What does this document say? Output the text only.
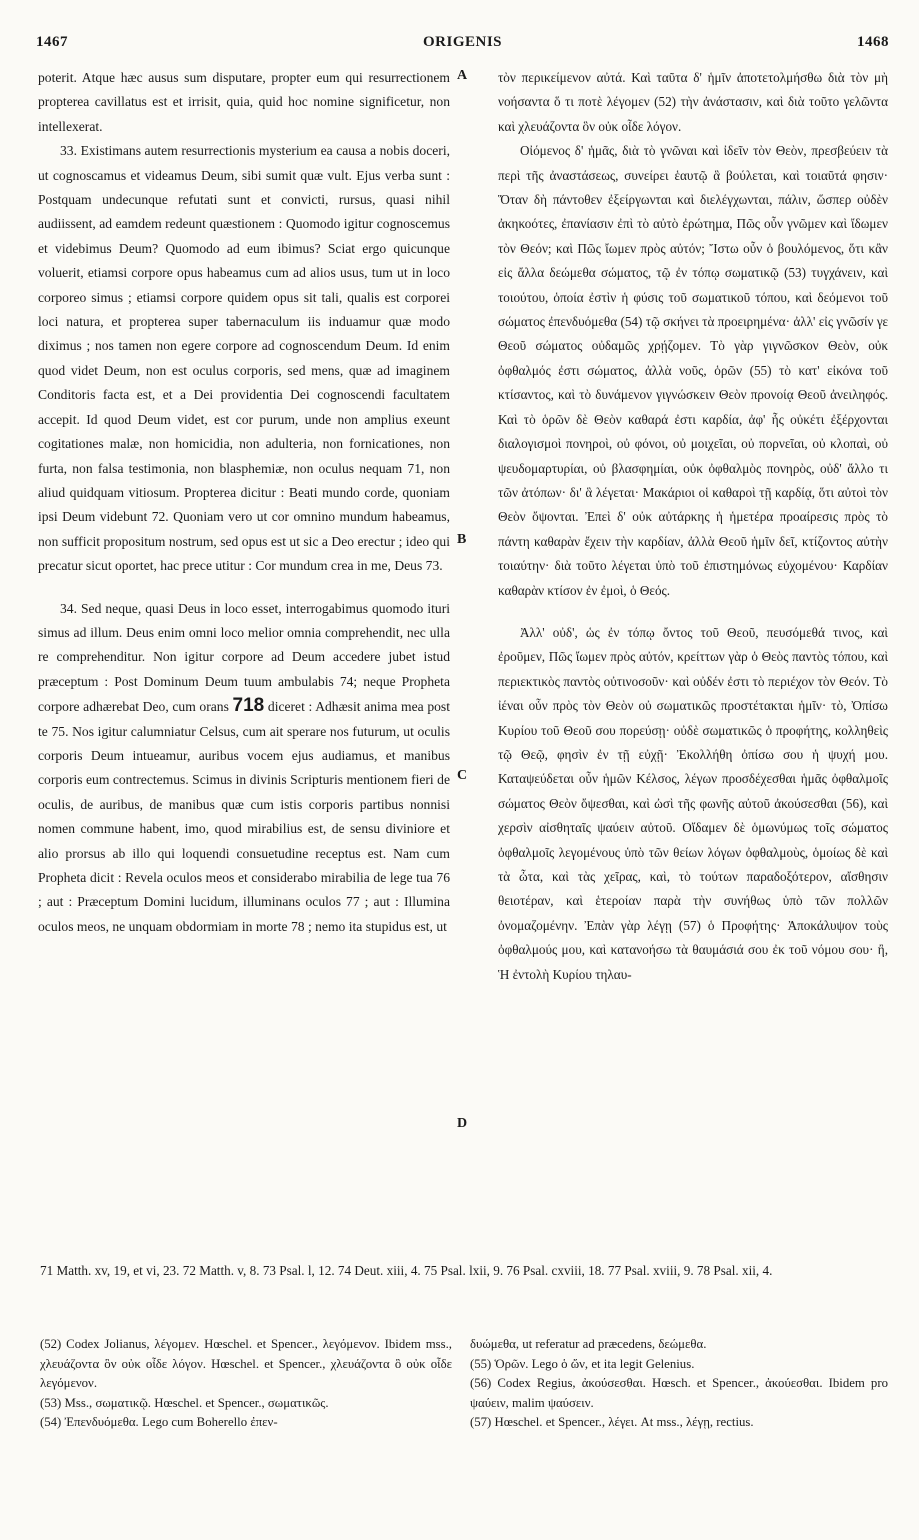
1467	ORIGENIS	1468

poterit. Atque hæc ausus sum disputare, propter eum qui resurrectionem propterea cavillatus est et irrisit, quia, quid hoc nomine significetur, non intellexerat.

33. Existimans autem resurrectionis mysterium ea causa a nobis doceri, ut cognoscamus et videamus Deum, sibi sumit quæ vult. Ejus verba sunt : Postquam undecunque refutati sunt et convicti, rursus, quasi nihil audiissent, ad eamdem redeunt quæstionem : Quomodo igitur cognoscemus et videbimus Deum? Quomodo ad eum ibimus? Sciat ergo quicunque voluerit, etiamsi corpore opus habeamus cum ad alios usus, tum ut in loco corporeo simus ; etiamsi corpore quidem opus sit tali, qualis est corporei loci natura, et propterea super tabernaculum iis induamur quæ modo diximus ; nos tamen non egere corpore ad cognoscendum Deum. Id enim quod videt Deum, non est oculus corporis, sed mens, quæ ad imaginem Conditoris facta est, et a Dei providentia Dei cognoscendi facultatem accepit. Id quod Deum videt, est cor purum, unde non amplius exeunt cogitationes malæ, non homicidia, non adulteria, non fornicationes, non furta, non falsa testimonia, non blasphemiæ, non oculus nequam 71, non aliud quidquam vitiosum. Propterea dicitur : Beati mundo corde, quoniam ipsi Deum videbunt 72. Quoniam vero ut cor omnino mundum habeamus, non sufficit propositum nostrum, sed opus est ut sic a Deo erectur ; ideo qui precatur sicut oportet, hac prece utitur : Cor mundum crea in me, Deus 73.

34. Sed neque, quasi Deus in loco esset, interrogabimus quomodo ituri simus ad illum. Deus enim omni loco melior omnia comprehendit, nec ulla re comprehenditur. Non igitur corpore ad Deum accedere jubet istud præceptum : Post Dominum Deum tuum ambulabis 74; neque Propheta corpore adhærebat Deo, cum orans 718 diceret : Adhæsit anima mea post te 75. Nos igitur calumniatur Celsus, cum ait sperare nos futurum, ut oculis corporis Deum intueamur, auribus vocem ejus audiamus, et manibus corporis eum contrectemus. Scimus in divinis Scripturis mentionem fieri de oculis, de auribus, de manibus quæ cum istis corporis partibus nonnisi nomen commune habent, imo, quod mirabilius est, de sensu diviniore et alio prorsus ab illo qui loquendi consuetudine receptus est. Nam cum Propheta dicit : Revela oculos meos et considerabo mirabilia de lege tua 76 ; aut : Præceptum Domini lucidum, illuminans oculos 77 ; aut : Illumina oculos meos, ne unquam obdormiam in morte 78 ; nemo ita stupidus est, ut

A
B
C
D

τὸν περικείμενον αὐτά. Καὶ ταῦτα δ' ἡμῖν ἀποτετολμήσθω διὰ τὸν μὴ νοήσαντα ὅ τι ποτὲ λέγομεν (52) τὴν ἀνάστασιν, καὶ διὰ τοῦτο γελῶντα καὶ χλευάζοντα ὃν οὐκ οἶδε λόγον.

Οἰόμενος δ' ἡμᾶς, διὰ τὸ γνῶναι καὶ ἰδεῖν τὸν Θεὸν, πρεσβεύειν τὰ περὶ τῆς ἀναστάσεως, συνείρει ἑαυτῷ ἃ βούλεται, καὶ τοιαῦτά φησιν· Ὅταν δὴ πάντοθεν ἐξείργωνται καὶ διελέγχωνται, πάλιν, ὥσπερ οὐδὲν ἀκηκοότες, ἐπανίασιν ἐπὶ τὸ αὐτὸ ἐρώτημα, Πῶς οὖν γνῶμεν καὶ ἴδωμεν τὸν Θεόν; καὶ Πῶς ἴωμεν πρὸς αὐτόν; Ἴστω οὖν ὁ βουλόμενος, ὅτι κἂν εἰς ἄλλα δεώμεθα σώματος, τῷ ἐν τόπῳ σωματικῷ (53) τυγχάνειν, καὶ τοιούτου, ὁποία ἐστὶν ἡ φύσις τοῦ σωματικοῦ τόπου, καὶ δεόμενοι τοῦ σώματος ἐπενδυόμεθα (54) τῷ σκήνει τὰ προειρημένα· ἀλλ' εἰς γνῶσίν γε Θεοῦ σώματος οὐδαμῶς χρῄζομεν. Τὸ γὰρ γιγνῶσκον Θεὸν, οὐκ ὀφθαλμός ἐστι σώματος, ἀλλὰ νοῦς, ὁρῶν (55) τὸ κατ' εἰκόνα τοῦ κτίσαντος, καὶ τὸ δυνάμενον γιγνώσκειν Θεὸν προνοίᾳ Θεοῦ ἀνειληφός. Καὶ τὸ ὁρῶν δὲ Θεὸν καθαρά ἐστι καρδία, ἀφ' ἧς οὐκέτι ἐξέρχονται διαλογισμοὶ πονηροὶ, οὐ φόνοι, οὐ μοιχεῖαι, οὐ πορνεῖαι, οὐ κλοπαὶ, οὐ ψευδομαρτυρίαι, οὐ βλασφημίαι, οὐκ ὀφθαλμὸς πονηρὸς, οὐδ' ἄλλο τι τῶν ἀτόπων· δι' ἃ λέγεται· Μακάριοι οἱ καθαροὶ τῇ καρδίᾳ, ὅτι αὐτοὶ τὸν Θεὸν ὄψονται. Ἐπεὶ δ' οὐκ αὐτάρκης ἡ ἡμετέρα προαίρεσις πρὸς τὸ πάντη καθαρὰν ἔχειν τὴν καρδίαν, ἀλλὰ Θεοῦ ἡμῖν δεῖ, κτίζοντος αὐτὴν τοιαύτην· διὰ τοῦτο λέγεται ὑπὸ τοῦ ἐπιστημόνως εὐχομένου· Καρδίαν καθαρὰν κτίσον ἐν ἐμοὶ, ὁ Θεός.

Ἀλλ' οὐδ', ὡς ἐν τόπῳ ὄντος τοῦ Θεοῦ, πευσόμεθά τινος, καὶ ἐροῦμεν, Πῶς ἴωμεν πρὸς αὐτόν, κρείττων γὰρ ὁ Θεὸς παντὸς τόπου, καὶ περιεκτικὸς παντὸς οὐτινοσοῦν· καὶ οὐδέν ἐστι τὸ περιέχον τὸν Θεόν. Τὸ ἰέναι οὖν πρὸς τὸν Θεὸν οὐ σωματικῶς προστέτακται ἡμῖν· τὸ, Ὀπίσω Κυρίου τοῦ Θεοῦ σου πορεύσῃ· οὐδὲ σωματικῶς ὁ προφήτης, κολληθεὶς τῷ Θεῷ, φησὶν ἐν τῇ εὐχῇ· Ἐκολλήθη ὀπίσω σου ἡ ψυχή μου. Καταψεύδεται οὖν ἡμῶν Κέλσος, λέγων προσδέχεσθαι ἡμᾶς ὀφθαλμοῖς σώματος Θεὸν ὄψεσθαι, καὶ ὠσὶ τῆς φωνῆς αὐτοῦ ἀκούσεσθαι (56), καὶ χερσὶν αἰσθηταῖς ψαύειν αὐτοῦ. Οἴδαμεν δὲ ὁμωνύμως τοῖς σώματος ὀφθαλμοῖς λεγομένους ὑπὸ τῶν θείων λόγων ὀφθαλμοὺς, ὁμοίως δὲ καὶ τὰ ὦτα, καὶ τὰς χεῖρας, καὶ, τὸ τούτων παραδοξότερον, αἴσθησιν θειοτέραν, καὶ ἑτεροίαν παρὰ τὴν συνήθως ὑπὸ τῶν πολλῶν ὀνομαζομένην. Ἐπὰν γὰρ λέγῃ (57) ὁ Προφήτης· Ἀποκάλυψον τοὺς ὀφθαλμούς μου, καὶ κατανοήσω τὰ θαυμάσιά σου ἐκ τοῦ νόμου σου· ἢ, Ἡ ἐντολὴ Κυρίου τηλαυ-

71 Matth. xv, 19, et vi, 23. 72 Matth. v, 8. 73 Psal. l, 12. 74 Deut. xiii, 4. 75 Psal. lxii, 9. 76 Psal. cxviii, 18. 77 Psal. xviii, 9. 78 Psal. xii, 4.

(52) Codex Jolianus, λέγομεν. Hœschel. et Spencer., λεγόμενον. Ibidem mss., χλευάζοντα ὃν οὐκ οἶδε λόγον. Hœschel. et Spencer., χλευάζοντα ὃ οὐκ οἶδε λεγόμενον.

(53) Mss., σωματικῷ. Hœschel. et Spencer., σωματικῶς.

(54) Ἐπενδυόμεθα. Lego cum Boherello ἐπεν-

δυώμεθα, ut referatur ad præcedens, δεώμεθα.

(55) Ὁρῶν. Lego ὁ ὤν, et ita legit Gelenius.

(56) Codex Regius, ἀκούσεσθαι. Hœsch. et Spencer., ἀκούεσθαι. Ibidem pro ψαύειν, malim ψαύσειν.

(57) Hœschel. et Spencer., λέγει. At mss., λέγῃ, rectius.
